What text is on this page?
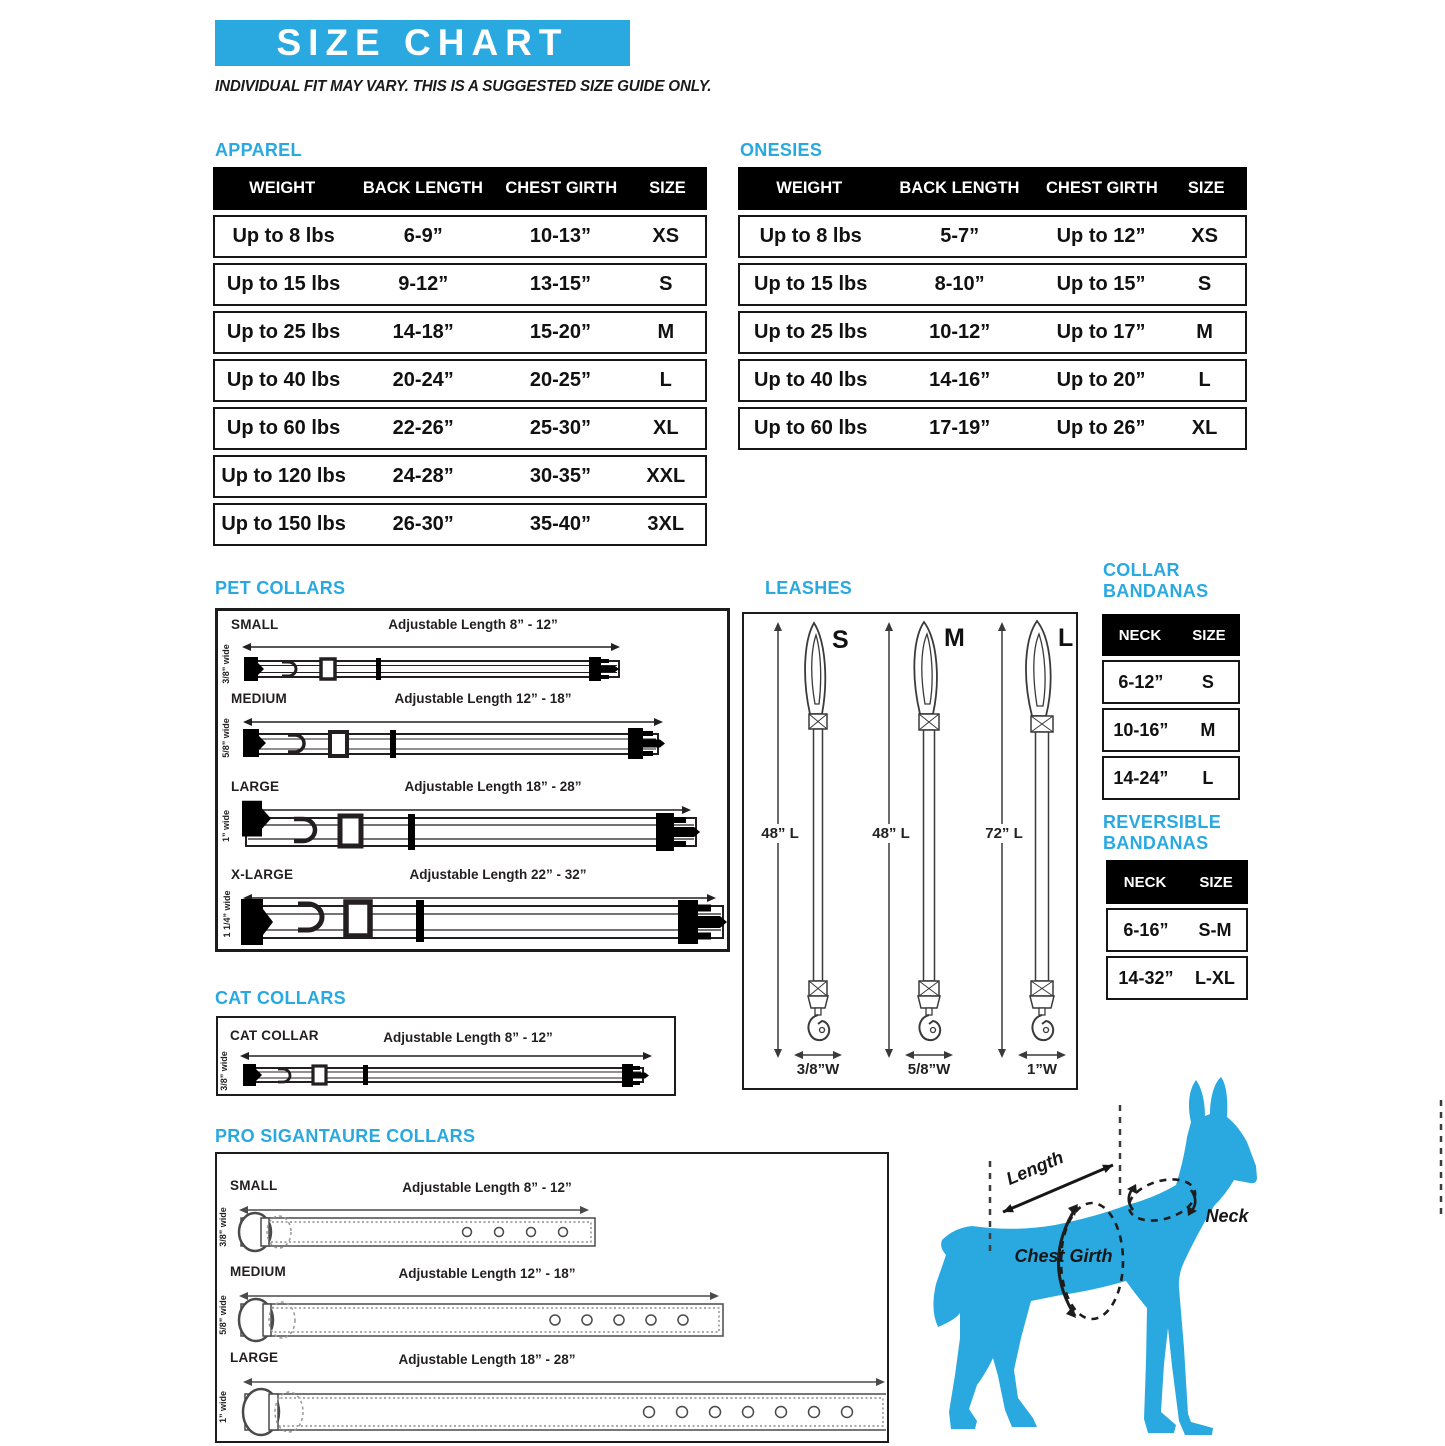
SIZE CHART
INDIVIDUAL FIT MAY VARY. THIS IS A SUGGESTED SIZE GUIDE ONLY.
APPAREL
WEIGHT	BACK LENGTH	CHEST GIRTH	SIZE
Up to 8 lbs	6-9”	10-13”	XS
Up to 15 lbs	9-12”	13-15”	S
Up to 25 lbs	14-18”	15-20”	M
Up to 40 lbs	20-24”	20-25”	L
Up to 60 lbs	22-26”	25-30”	XL
Up to 120 lbs	24-28”	30-35”	XXL
Up to 150 lbs	26-30”	35-40”	3XL
ONESIES
WEIGHT	BACK LENGTH	CHEST GIRTH	SIZE
Up to 8 lbs	5-7”	Up to 12”	XS
Up to 15 lbs	8-10”	Up to 15”	S
Up to 25 lbs	10-12”	Up to 17”	M
Up to 40 lbs	14-16”	Up to 20”	L
Up to 60 lbs	17-19”	Up to 26”	XL
PET COLLARS
SMALL	Adjustable Length 8” - 12”
3/8” wide
MEDIUM	Adjustable Length 12” - 18”
5/8” wide
LARGE	Adjustable Length 18” - 28”
1” wide
X-LARGE	Adjustable Length 22” - 32”
1 1/4” wide
LEASHES
S	M	L
48” L	48” L	72” L
3/8”W	5/8”W	1”W
COLLAR
BANDANAS
NECK	SIZE
6-12”	S
10-16”	M
14-24”	L
REVERSIBLE
BANDANAS
NECK	SIZE
6-16”	S-M
14-32”	L-XL
CAT COLLARS
CAT COLLAR	Adjustable Length 8” - 12”
3/8” wide
PRO SIGANTAURE COLLARS
SMALL	Adjustable Length 8” - 12”
3/8” wide
MEDIUM	Adjustable Length 12” - 18”
5/8” wide
LARGE	Adjustable Length 18” - 28”
1” wide
Length
Neck
Chest Girth
